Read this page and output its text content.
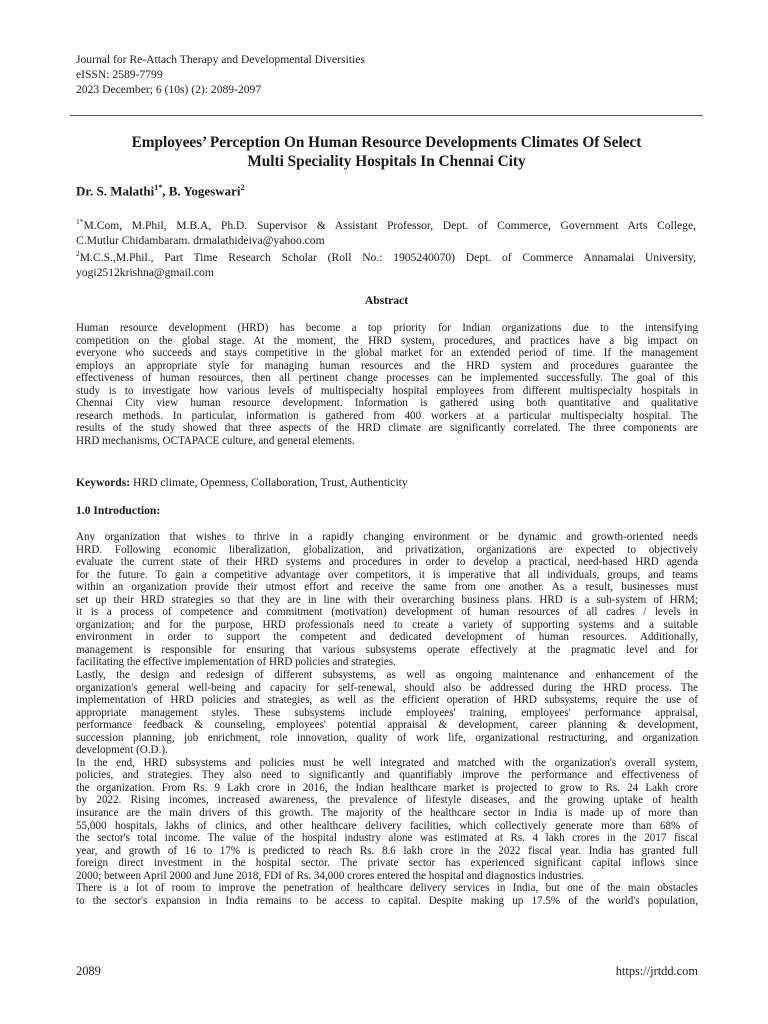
Journal for Re-Attach Therapy and Developmental Diversities
eISSN: 2589-7799
2023 December; 6 (10s) (2): 2089-2097
Employees’ Perception On Human Resource Developments Climates Of Select
Multi Speciality Hospitals In Chennai City
Dr. S. Malathi$^{1*}$, B. Yogeswari$^2$
$^{1*}$M.Com, M.Phil, M.B.A, Ph.D. Supervisor & Assistant Professor, Dept. of Commerce, Government Arts College,
C.Mutlur Chidambaram. drmalathideiva@yahoo.com
$^2$M.C.S.,M.Phil., Part Time Research Scholar (Roll No.: 1905240070) Dept. of Commerce Annamalai University,
yogi2512krishna@gmail.com
Abstract
Human resource development (HRD) has become a top priority for Indian organizations due to the intensifying
competition on the global stage. At the moment, the HRD system, procedures, and practices have a big impact on
everyone who succeeds and stays competitive in the global market for an extended period of time. If the management
employs an appropriate style for managing human resources and the HRD system and procedures guarantee the
effectiveness of human resources, then all pertinent change processes can be implemented successfully. The goal of this
study is to investigate how various levels of multispecialty hospital employees from different multispecialty hospitals in
Chennai City view human resource development. Information is gathered using both quantitative and qualitative
research methods. In particular, information is gathered from 400 workers at a particular multispecialty hospital. The
results of the study showed that three aspects of the HRD climate are significantly correlated. The three components are
HRD mechanisms, OCTAPACE culture, and general elements.
Keywords: HRD climate, Openness, Collaboration, Trust, Authenticity
1.0 Introduction:
Any organization that wishes to thrive in a rapidly changing environment or be dynamic and growth-oriented needs
HRD. Following economic liberalization, globalization, and privatization, organizations are expected to objectively
evaluate the current state of their HRD systems and procedures in order to develop a practical, need-based HRD agenda
for the future. To gain a competitive advantage over competitors, it is imperative that all individuals, groups, and teams
within an organization provide their utmost effort and receive the same from one another. As a result, businesses must
set up their HRD strategies so that they are in line with their overarching business plans. HRD is a sub-system of HRM;
it is a process of competence and commitment (motivation) development of human resources of all cadres / levels in
organization; and for the purpose, HRD professionals need to create a variety of supporting systems and a suitable
environment in order to support the competent and dedicated development of human resources. Additionally,
management is responsible for ensuring that various subsystems operate effectively at the pragmatic level and for
facilitating the effective implementation of HRD policies and strategies.
Lastly, the design and redesign of different subsystems, as well as ongoing maintenance and enhancement of the
organization's general well-being and capacity for self-renewal, should also be addressed during the HRD process. The
implementation of HRD policies and strategies, as well as the efficient operation of HRD subsystems, require the use of
appropriate management styles. These subsystems include employees' training, employees' performance appraisal,
performance feedback & counseling, employees' potential appraisal & development, career planning & development,
succession planning, job enrichment, role innovation, quality of work life, organizational restructuring, and organization
development (O.D.).
In the end, HRD subsystems and policies must be well integrated and matched with the organization's overall system,
policies, and strategies. They also need to significantly and quantifiably improve the performance and effectiveness of
the organization. From Rs. 9 Lakh crore in 2016, the Indian healthcare market is projected to grow to Rs. 24 Lakh crore
by 2022. Rising incomes, increased awareness, the prevalence of lifestyle diseases, and the growing uptake of health
insurance are the main drivers of this growth. The majority of the healthcare sector in India is made up of more than
55,000 hospitals, lakhs of clinics, and other healthcare delivery facilities, which collectively generate more than 68% of
the sector's total income. The value of the hospital industry alone was estimated at Rs. 4 lakh crores in the 2017 fiscal
year, and growth of 16 to 17% is predicted to reach Rs. 8.6 lakh crore in the 2022 fiscal year. India has granted full
foreign direct investment in the hospital sector. The private sector has experienced significant capital inflows since
2000; between April 2000 and June 2018, FDI of Rs. 34,000 crores entered the hospital and diagnostics industries.
There is a lot of room to improve the penetration of healthcare delivery services in India, but one of the main obstacles
to the sector's expansion in India remains to be access to capital. Despite making up 17.5% of the world's population,
2089	https://jrtdd.com
